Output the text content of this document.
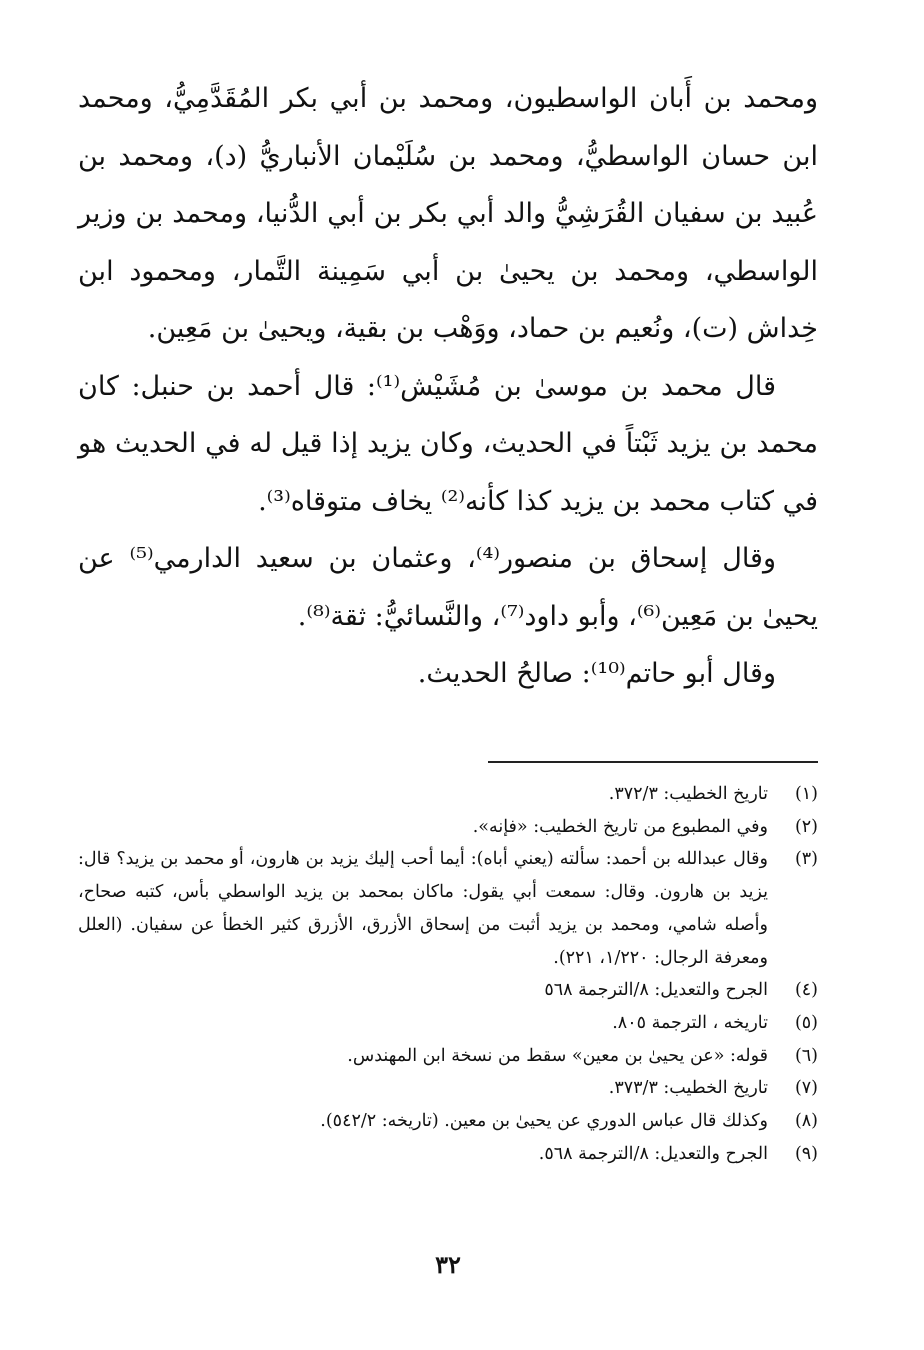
ومحمد بن أَبان الواسطيون، ومحمد بن أبي بكر المُقَدَّمِيُّ، ومحمد ابن حسان الواسطيُّ، ومحمد بن سُلَيْمان الأنباريُّ (د)، ومحمد بن عُبيد بن سفيان القُرَشِيُّ والد أبي بكر بن أبي الدُّنيا، ومحمد بن وزير الواسطي، ومحمد بن يحيىٰ بن أبي سَمِينة التَّمار، ومحمود ابن خِداش (ت)، ونُعيم بن حماد، ووَهْب بن بقية، ويحيىٰ بن مَعِين.

قال محمد بن موسىٰ بن مُشَيْش⁽¹⁾: قال أحمد بن حنبل: كان محمد بن يزيد ثَبْتاً في الحديث، وكان يزيد إذا قيل له في الحديث هو في كتاب محمد بن يزيد كذا كأنه⁽²⁾ يخاف متوقاه⁽³⁾.

وقال إسحاق بن منصور⁽⁴⁾، وعثمان بن سعيد الدارمي⁽⁵⁾ عن يحيىٰ بن مَعِين⁽⁶⁾، وأبو داود⁽⁷⁾، والنَّسائيُّ: ثقة⁽⁸⁾.

وقال أبو حاتم⁽¹⁰⁾: صالحُ الحديث.

(١)
تاريخ الخطيب: ٣٧٢/٣.
(٢)
وفي المطبوع من تاريخ الخطيب: «فإنه».
(٣)
وقال عبدالله بن أحمد: سألته (يعني أباه): أيما أحب إليك يزيد بن هارون، أو محمد بن يزيد؟ قال: يزيد بن هارون. وقال: سمعت أبي يقول: ماكان بمحمد بن يزيد الواسطي بأس، كتبه صحاح، وأصله شامي، ومحمد بن يزيد أثبت من إسحاق الأزرق، الأزرق كثير الخطأ عن سفيان. (العلل ومعرفة الرجال: ١/٢٢٠، ٢٢١).
(٤)
الجرح والتعديل: ٨/الترجمة ٥٦٨
(٥)
تاريخه ، الترجمة ٨٠٥.
(٦)
قوله: «عن يحيىٰ بن معين» سقط من نسخة ابن المهندس.
(٧)
تاريخ الخطيب: ٣٧٣/٣.
(٨)
وكذلك قال عباس الدوري عن يحيىٰ بن معين. (تاريخه: ٥٤٢/٢).
(٩)
الجرح والتعديل: ٨/الترجمة ٥٦٨.
٣٢
